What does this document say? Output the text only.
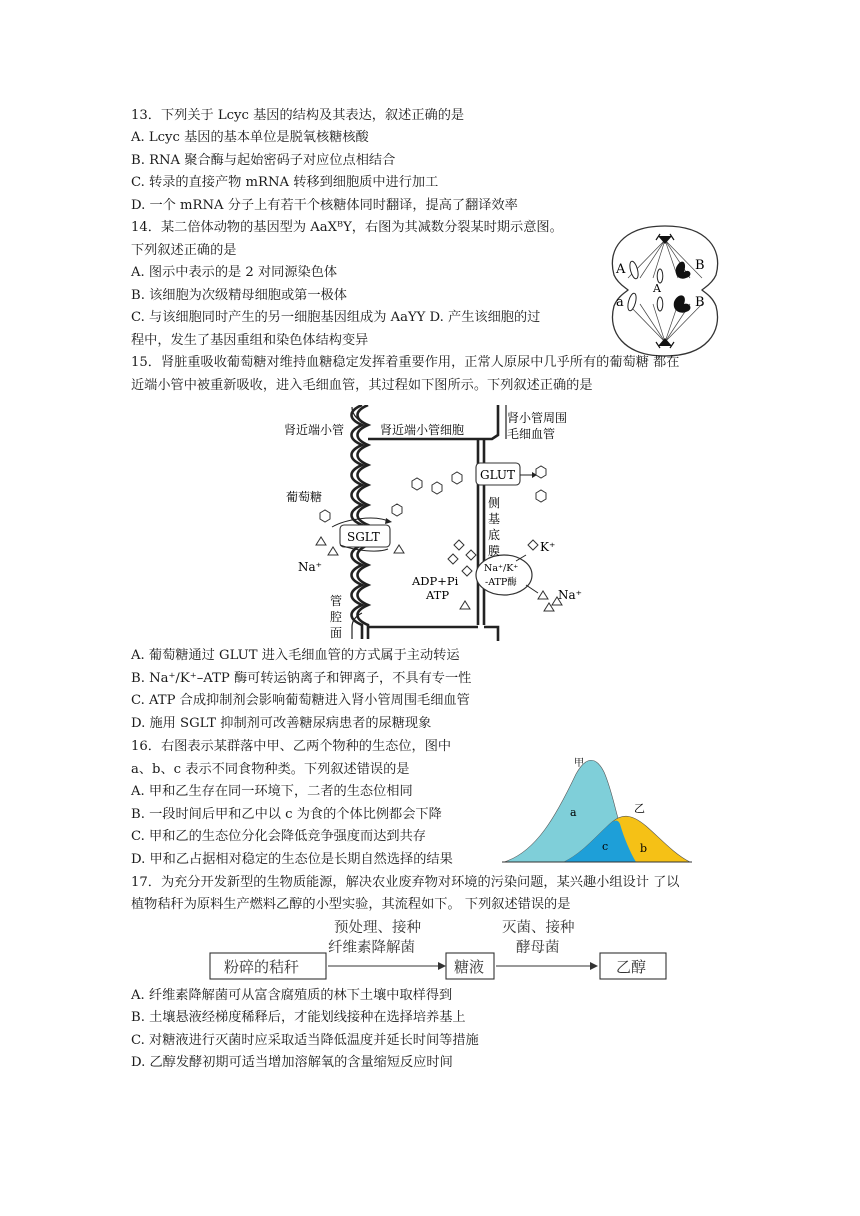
13．下列关于 Lcyc 基因的结构及其表达，叙述正确的是
A. Lcyc 基因的基本单位是脱氧核糖核酸
B. RNA 聚合酶与起始密码子对应位点相结合
C. 转录的直接产物 mRNA 转移到细胞质中进行加工
D. 一个 mRNA 分子上有若干个核糖体同时翻译，提高了翻译效率
14．某二倍体动物的基因型为 AaXᴮY，右图为其减数分裂某时期示意图。
下列叙述正确的是
A. 图示中表示的是 2 对同源染色体
B. 该细胞为次级精母细胞或第一极体
C. 与该细胞同时产生的另一细胞基因组成为 AaYY D. 产生该细胞的过
程中，发生了基因重组和染色体结构变异
A	B
a
A
B
15．肾脏重吸收葡萄糖对维持血糖稳定发挥着重要作用，正常人原尿中几乎所有的葡萄糖 都在
近端小管中被重新吸收，进入毛细血管，其过程如下图所示。下列叙述正确的是
SGLT
GLUT
Na⁺/K⁺
-ATP酶
肾近端小管	肾近端小管细胞
肾小管周围
毛细血管
葡萄糖
Na⁺
侧
基
底
膜	K⁺
ADP+Pi
ATP	Na⁺
管
腔
面
A. 葡萄糖通过 GLUT 进入毛细血管的方式属于主动转运
B. Na⁺/K⁺–ATP 酶可转运钠离子和钾离子，不具有专一性
C. ATP 合成抑制剂会影响葡萄糖进入肾小管周围毛细血管
D. 施用 SGLT 抑制剂可改善糖尿病患者的尿糖现象
16．右图表示某群落中甲、乙两个物种的生态位，图中
a、b、c 表示不同食物种类。下列叙述错误的是
A. 甲和乙生存在同一环境下，二者的生态位相同
B. 一段时间后甲和乙中以 c 为食的个体比例都会下降
C. 甲和乙的生态位分化会降低竞争强度而达到共存
D. 甲和乙占据相对稳定的生态位是长期自然选择的结果
甲
乙
a
c	b
17．为充分开发新型的生物质能源，解决农业废弃物对环境的污染问题，某兴趣小组设计 了以
植物秸秆为原料生产燃料乙醇的小型实验，其流程如下。 下列叙述错误的是
粉碎的秸秆
预处理、接种
纤维素降解菌
糖液
灭菌、接种
酵母菌
乙醇
A. 纤维素降解菌可从富含腐殖质的林下土壤中取样得到
B. 土壤悬液经梯度稀释后，才能划线接种在选择培养基上
C. 对糖液进行灭菌时应采取适当降低温度并延长时间等措施
D. 乙醇发酵初期可适当增加溶解氧的含量缩短反应时间
